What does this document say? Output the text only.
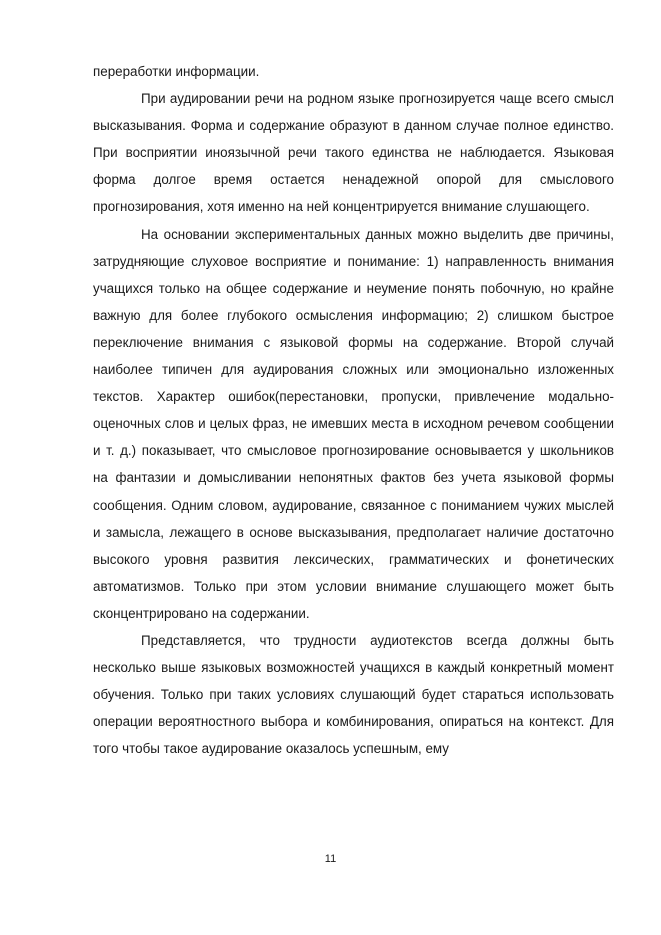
переработки информации.

При аудировании речи на родном языке прогнозируется чаще всего смысл высказывания. Форма и содержание образуют в данном случае полное единство. При восприятии иноязычной речи такого единства не наблюдается. Языковая форма долгое время остается ненадежной опорой для смыслового прогнозирования, хотя именно на ней концентрируется внимание слушающего.

На основании экспериментальных данных можно выделить две причины, затрудняющие слуховое восприятие и понимание: 1) направленность внимания учащихся только на общее содержание и неумение понять побочную, но крайне важную для более глубокого осмысления информацию; 2) слишком быстрое переключение внимания с языковой формы на содержание. Второй случай наиболее типичен для аудирования сложных или эмоционально изложенных текстов. Характер ошибок(перестановки, пропуски, привлечение модально-оценочных слов и целых фраз, не имевших места в исходном речевом сообщении и т. д.) показывает, что смысловое прогнозирование основывается у школьников на фантазии и домысливании непонятных фактов без учета языковой формы сообщения. Одним словом, аудирование, связанное с пониманием чужих мыслей и замысла, лежащего в основе высказывания, предполагает наличие достаточно высокого уровня развития лексических, грамматических и фонетических автоматизмов. Только при этом условии внимание слушающего может быть сконцентрировано на содержании.

Представляется, что трудности аудиотекстов всегда должны быть несколько выше языковых возможностей учащихся в каждый конкретный момент обучения. Только при таких условиях слушающий будет стараться использовать операции вероятностного выбора и комбинирования, опираться на контекст. Для того чтобы такое аудирование оказалось успешным, ему

11
